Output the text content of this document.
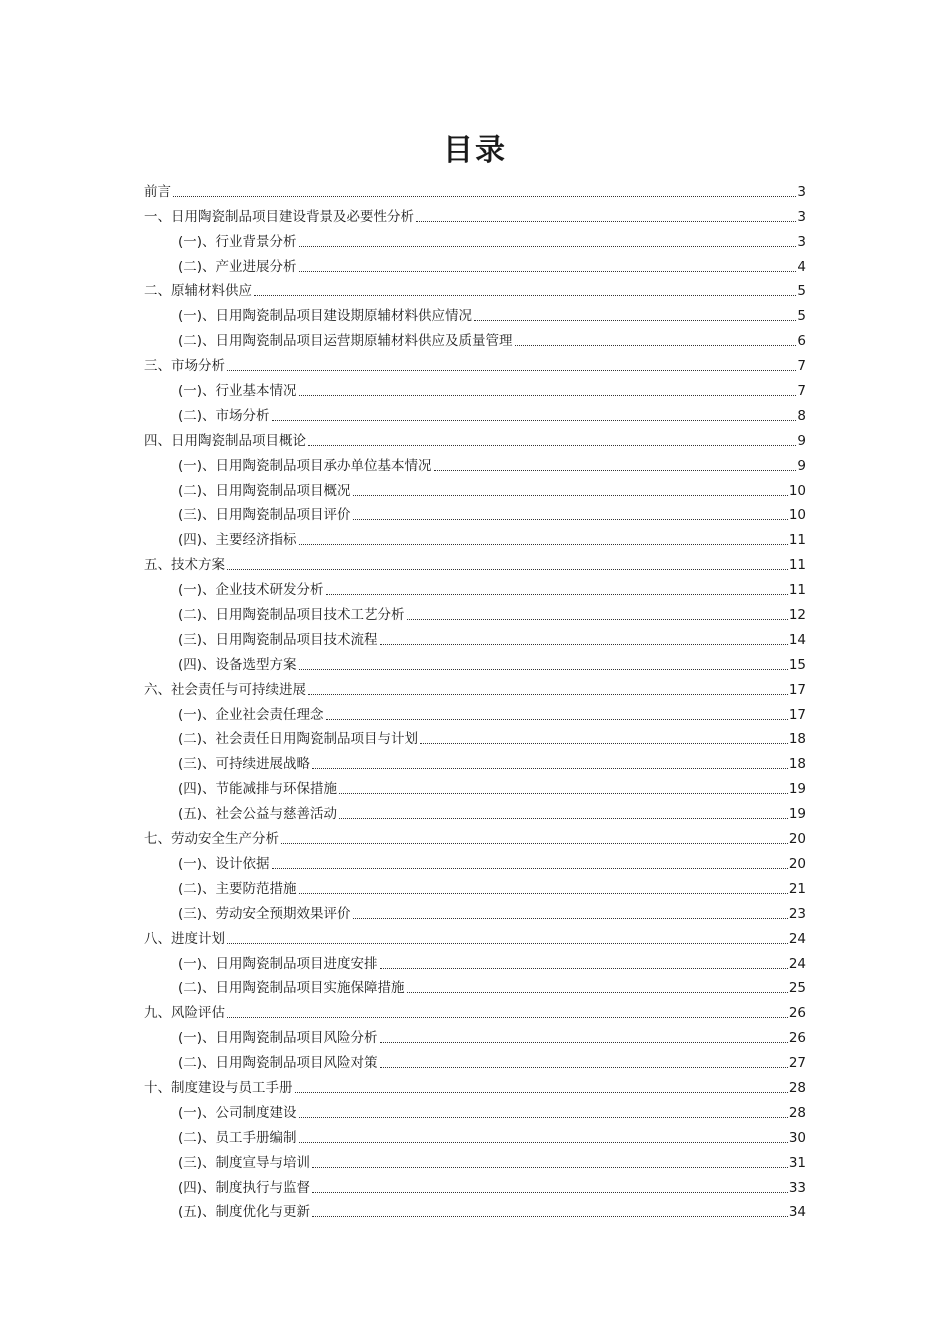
目录
前言	3
一、日用陶瓷制品项目建设背景及必要性分析	3
(一)、行业背景分析	3
(二)、产业进展分析	4
二、原辅材料供应	5
(一)、日用陶瓷制品项目建设期原辅材料供应情况	5
(二)、日用陶瓷制品项目运营期原辅材料供应及质量管理	6
三、市场分析	7
(一)、行业基本情况	7
(二)、市场分析	8
四、日用陶瓷制品项目概论	9
(一)、日用陶瓷制品项目承办单位基本情况	9
(二)、日用陶瓷制品项目概况	10
(三)、日用陶瓷制品项目评价	10
(四)、主要经济指标	11
五、技术方案	11
(一)、企业技术研发分析	11
(二)、日用陶瓷制品项目技术工艺分析	12
(三)、日用陶瓷制品项目技术流程	14
(四)、设备选型方案	15
六、社会责任与可持续进展	17
(一)、企业社会责任理念	17
(二)、社会责任日用陶瓷制品项目与计划	18
(三)、可持续进展战略	18
(四)、节能减排与环保措施	19
(五)、社会公益与慈善活动	19
七、劳动安全生产分析	20
(一)、设计依据	20
(二)、主要防范措施	21
(三)、劳动安全预期效果评价	23
八、进度计划	24
(一)、日用陶瓷制品项目进度安排	24
(二)、日用陶瓷制品项目实施保障措施	25
九、风险评估	26
(一)、日用陶瓷制品项目风险分析	26
(二)、日用陶瓷制品项目风险对策	27
十、制度建设与员工手册	28
(一)、公司制度建设	28
(二)、员工手册编制	30
(三)、制度宣导与培训	31
(四)、制度执行与监督	33
(五)、制度优化与更新	34
